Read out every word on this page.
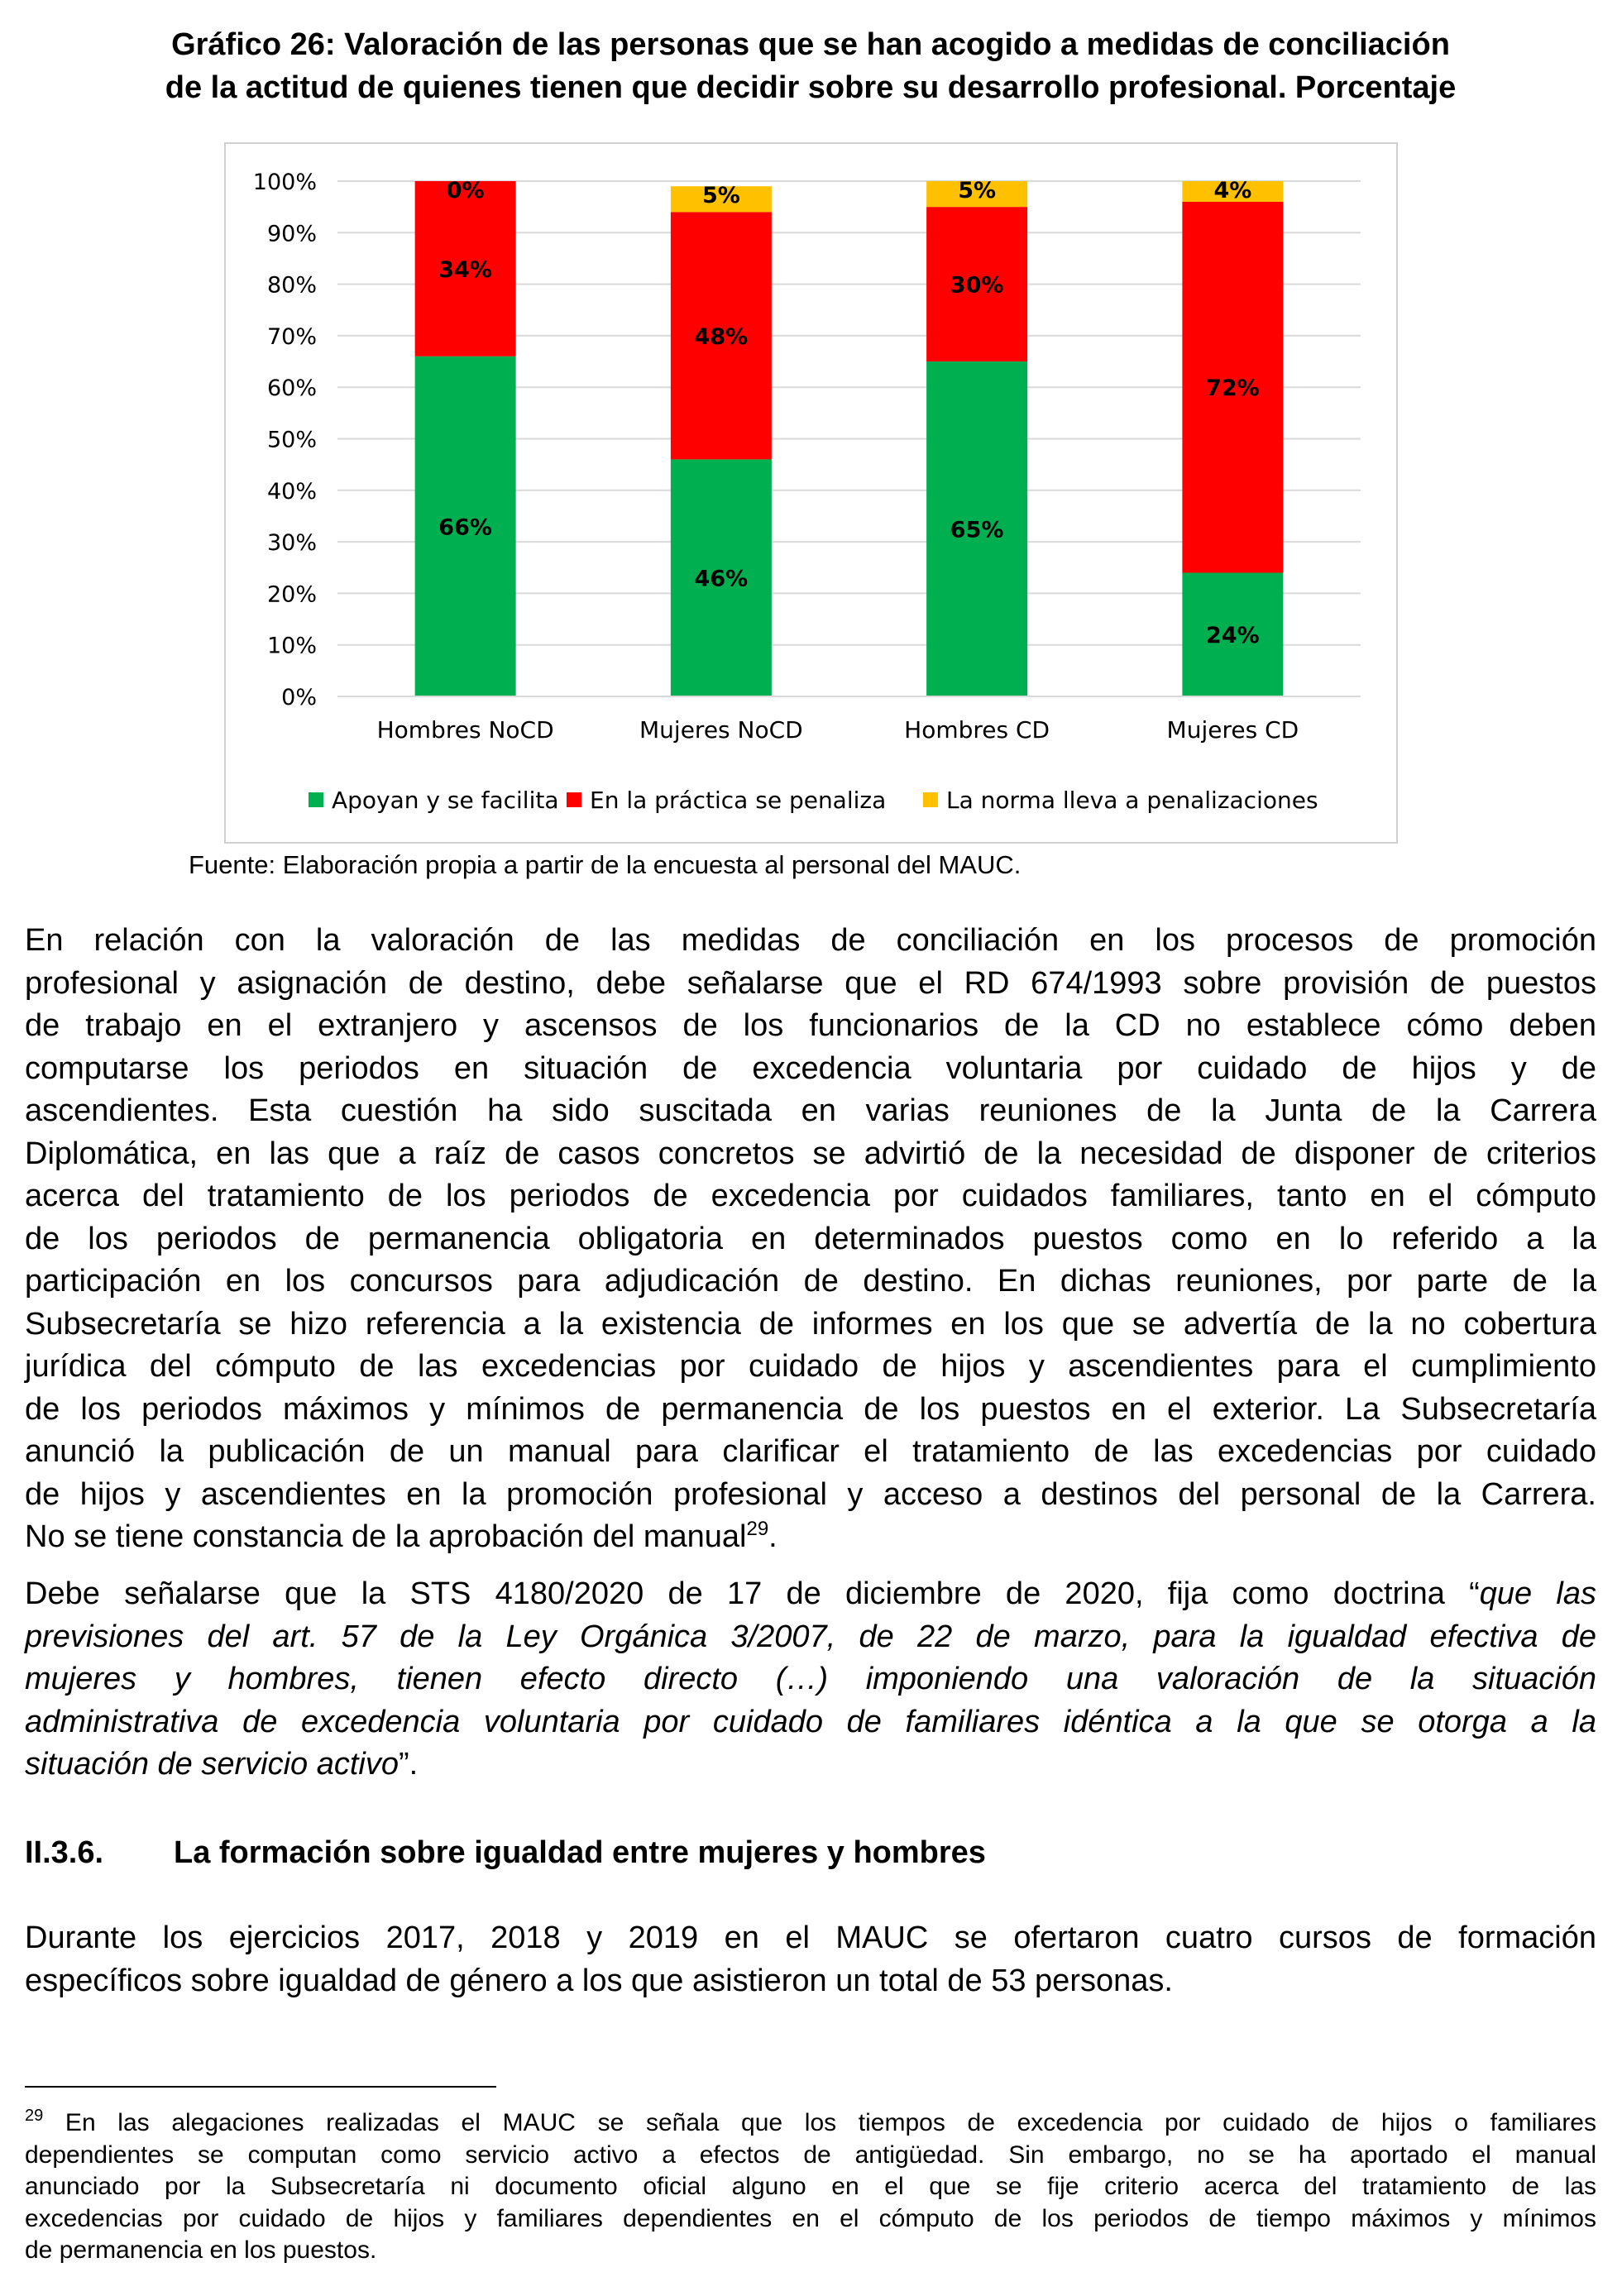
Gráfico 26: Valoración de las personas que se han acogido a medidas de conciliación
de la actitud de quienes tienen que decidir sobre su desarrollo profesional. Porcentaje
0%
10%
20%
30%
40%
50%
60%
70%
80%
90%
100%
66%
34%
0%
Hombres NoCD
46%
48%
5%
Mujeres NoCD
65%
30%
5%
Hombres CD
24%
72%
4%
Mujeres CD
Apoyan y se facilita En la práctica se penaliza	La norma lleva a penalizaciones
Fuente: Elaboración propia a partir de la encuesta al personal del MAUC.
En relación con la valoración de las medidas de conciliación en los procesos de promoción
profesional y asignación de destino, debe señalarse que el RD 674/1993 sobre provisión de puestos
de trabajo en el extranjero y ascensos de los funcionarios de la CD no establece cómo deben
computarse los periodos en situación de excedencia voluntaria por cuidado de hijos y de
ascendientes. Esta cuestión ha sido suscitada en varias reuniones de la Junta de la Carrera
Diplomática, en las que a raíz de casos concretos se advirtió de la necesidad de disponer de criterios
acerca del tratamiento de los periodos de excedencia por cuidados familiares, tanto en el cómputo
de los periodos de permanencia obligatoria en determinados puestos como en lo referido a la
participación en los concursos para adjudicación de destino. En dichas reuniones, por parte de la
Subsecretaría se hizo referencia a la existencia de informes en los que se advertía de la no cobertura
jurídica del cómputo de las excedencias por cuidado de hijos y ascendientes para el cumplimiento
de los periodos máximos y mínimos de permanencia de los puestos en el exterior. La Subsecretaría
anunció la publicación de un manual para clarificar el tratamiento de las excedencias por cuidado
de hijos y ascendientes en la promoción profesional y acceso a destinos del personal de la Carrera.
No se tiene constancia de la aprobación del manual$^{29}$.
Debe señalarse que la STS 4180/2020 de 17 de diciembre de 2020, fija como doctrina “que las
previsiones del art. 57 de la Ley Orgánica 3/2007, de 22 de marzo, para la igualdad efectiva de
mujeres y hombres, tienen efecto directo (…) imponiendo una valoración de la situación
administrativa de excedencia voluntaria por cuidado de familiares idéntica a la que se otorga a la
situación de servicio activo”.
II.3.6. La formación sobre igualdad entre mujeres y hombres
Durante los ejercicios 2017, 2018 y 2019 en el MAUC se ofertaron cuatro cursos de formación
específicos sobre igualdad de género a los que asistieron un total de 53 personas.
$^{29}$ En las alegaciones realizadas el MAUC se señala que los tiempos de excedencia por cuidado de hijos o familiares
dependientes se computan como servicio activo a efectos de antigüedad. Sin embargo, no se ha aportado el manual
anunciado por la Subsecretaría ni documento oficial alguno en el que se fije criterio acerca del tratamiento de las
excedencias por cuidado de hijos y familiares dependientes en el cómputo de los periodos de tiempo máximos y mínimos
de permanencia en los puestos.
